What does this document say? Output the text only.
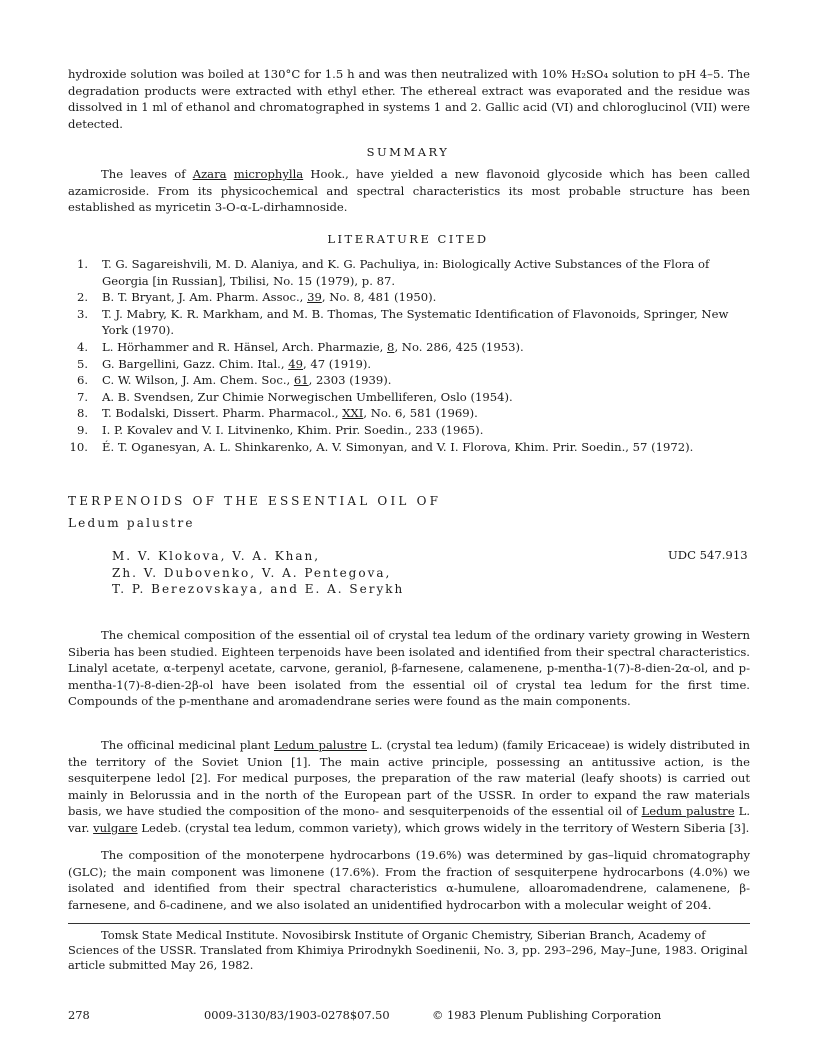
hydroxide solution was boiled at 130°C for 1.5 h and was then neutralized with 10% H₂SO₄ solution to pH 4–5. The degradation products were extracted with ethyl ether. The ethereal extract was evaporated and the residue was dissolved in 1 ml of ethanol and chromatographed in systems 1 and 2. Gallic acid (VI) and chloroglucinol (VII) were detected.

SUMMARY

The leaves of Azara microphylla Hook., have yielded a new flavonoid glycoside which has been called azamicroside. From its physicochemical and spectral characteristics its most probable structure has been established as myricetin 3-O-α-L-dirhamnoside.

LITERATURE CITED

1. T. G. Sagareishvili, M. D. Alaniya, and K. G. Pachuliya, in: Biologically Active Substances of the Flora of Georgia [in Russian], Tbilisi, No. 15 (1979), p. 87.
2. B. T. Bryant, J. Am. Pharm. Assoc., 39, No. 8, 481 (1950).
3. T. J. Mabry, K. R. Markham, and M. B. Thomas, The Systematic Identification of Flavonoids, Springer, New York (1970).
4. L. Hörhammer and R. Hänsel, Arch. Pharmazie, 8, No. 286, 425 (1953).
5. G. Bargellini, Gazz. Chim. Ital., 49, 47 (1919).
6. C. W. Wilson, J. Am. Chem. Soc., 61, 2303 (1939).
7. A. B. Svendsen, Zur Chimie Norwegischen Umbelliferen, Oslo (1954).
8. T. Bodalski, Dissert. Pharm. Pharmacol., XXI, No. 6, 581 (1969).
9. I. P. Kovalev and V. I. Litvinenko, Khim. Prir. Soedin., 233 (1965).
10. É. T. Oganesyan, A. L. Shinkarenko, A. V. Simonyan, and V. I. Florova, Khim. Prir. Soedin., 57 (1972).

TERPENOIDS OF THE ESSENTIAL OIL OF

Ledum palustre

M. V. Klokova, V. A. Khan,
Zh. V. Dubovenko, V. A. Pentegova,
T. P. Berezovskaya, and E. A. Serykh
UDC 547.913

The chemical composition of the essential oil of crystal tea ledum of the ordinary variety growing in Western Siberia has been studied. Eighteen terpenoids have been isolated and identified from their spectral characteristics. Linalyl acetate, α-terpenyl acetate, carvone, geraniol, β-farnesene, calamenene, p-mentha-1(7)-8-dien-2α-ol, and p-mentha-1(7)-8-dien-2β-ol have been isolated from the essential oil of crystal tea ledum for the first time. Compounds of the p-menthane and aromadendrane series were found as the main components.

The officinal medicinal plant Ledum palustre L. (crystal tea ledum) (family Ericaceae) is widely distributed in the territory of the Soviet Union [1]. The main active principle, possessing an antitussive action, is the sesquiterpene ledol [2]. For medical purposes, the preparation of the raw material (leafy shoots) is carried out mainly in Belorussia and in the north of the European part of the USSR. In order to expand the raw materials basis, we have studied the composition of the mono- and sesquiterpenoids of the essential oil of Ledum palustre L. var. vulgare Ledeb. (crystal tea ledum, common variety), which grows widely in the territory of Western Siberia [3].

The composition of the monoterpene hydrocarbons (19.6%) was determined by gas–liquid chromatography (GLC); the main component was limonene (17.6%). From the fraction of sesquiterpene hydrocarbons (4.0%) we isolated and identified from their spectral characteristics α-humulene, alloaromadendrene, calamenene, β-farnesene, and δ-cadinene, and we also isolated an unidentified hydrocarbon with a molecular weight of 204.

Tomsk State Medical Institute. Novosibirsk Institute of Organic Chemistry, Siberian Branch, Academy of Sciences of the USSR. Translated from Khimiya Prirodnykh Soedinenii, No. 3, pp. 293–296, May–June, 1983. Original article submitted May 26, 1982.

278	0009-3130/83/1903-0278$07.50	© 1983 Plenum Publishing Corporation
